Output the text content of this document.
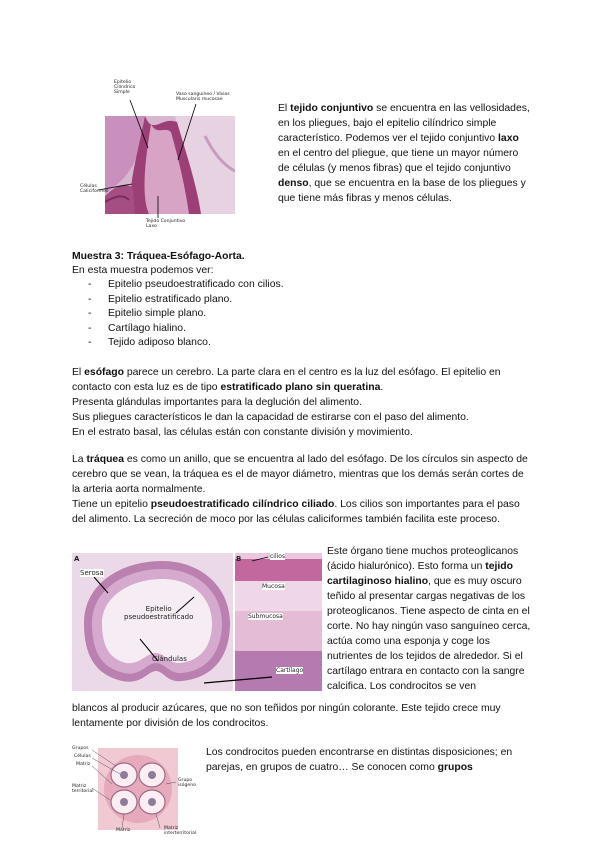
Epitelio
Cilíndrico
Simple	Vaso sanguíneo / Vasos
Muscularis mucosae
Células
Caliciformes
Tejido Conjuntivo
Laxo
El tejido conjuntivo se encuentra en las vellosidades, en los pliegues, bajo el epitelio cilíndrico simple característico. Podemos ver el tejido conjuntivo laxo en el centro del pliegue, que tiene un mayor número de células (y menos fibras) que el tejido conjuntivo denso, que se encuentra en la base de los pliegues y que tiene más fibras y menos células.
Muestra 3: Tráquea-Esófago-Aorta.
En esta muestra podemos ver:
- Epitelio pseudoestratificado con cilios.
- Epitelio estratificado plano.
- Epitelio simple plano.
- Cartílago hialino.
- Tejido adiposo blanco.
El esófago parece un cerebro. La parte clara en el centro es la luz del esófago. El epitelio en contacto con esta luz es de tipo estratificado plano sin queratina.
Presenta glándulas importantes para la deglución del alimento.
Sus pliegues característicos le dan la capacidad de estirarse con el paso del alimento.
En el estrato basal, las células están con constante división y movimiento.
La tráquea es como un anillo, que se encuentra al lado del esófago. De los círculos sin aspecto de cerebro que se vean, la tráquea es el de mayor diámetro, mientras que los demás serán cortes de la arteria aorta normalmente.
Tiene un epitelio pseudoestratificado cilíndrico ciliado. Los cilios son importantes para el paso del alimento. La secreción de moco por las células caliciformes también facilita este proceso.
A	B
Serosa
Epitelio
pseudoestratificado
Glándulas
cilios
Mucosa
Submucosa
Cartílago
Este órgano tiene muchos proteoglicanos (ácido hialurónico). Esto forma un tejido cartilaginoso hialino, que es muy oscuro teñido al presentar cargas negativas de los proteoglicanos. Tiene aspecto de cinta en el corte. No hay ningún vaso sanguíneo cerca, actúa como una esponja y coge los nutrientes de los tejidos de alrededor. Si el cartílago entrara en contacto con la sangre calcifica. Los condrocitos se ven
blancos al producir azúcares, que no son teñidos por ningún colorante. Este tejido crece muy lentamente por división de los condrocitos.
Grupos
Células
Matriz
Matriz
territorial
Matriz
interterritorial
Grupo
isógeno
Matriz
Los condrocitos pueden encontrarse en distintas disposiciones; en parejas, en grupos de cuatro… Se conocen como grupos
